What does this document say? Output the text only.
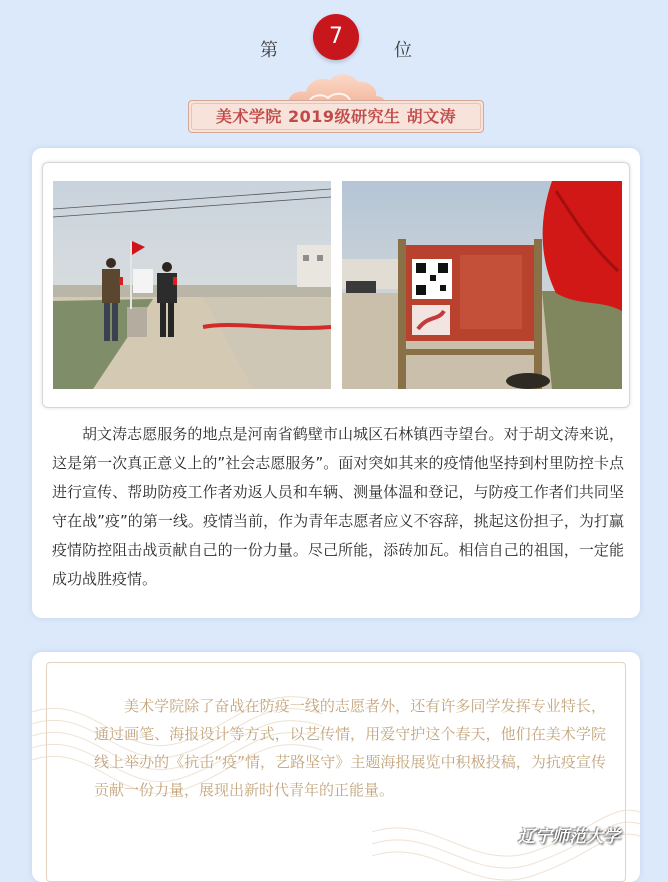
第
7
位
美术学院 2019级研究生 胡文涛
胡文涛志愿服务的地点是河南省鹤壁市山城区石林镇西寺望台。对于胡文涛来说，这是第一次真正意义上的”社会志愿服务”。面对突如其来的疫情他坚持到村里防控卡点进行宣传、帮助防疫工作者劝返人员和车辆、测量体温和登记，与防疫工作者们共同坚守在战”疫”的第一线。疫情当前，作为青年志愿者应义不容辞，挑起这份担子，为打赢疫情防控阻击战贡献自己的一份力量。尽己所能，添砖加瓦。相信自己的祖国，一定能成功战胜疫情。
美术学院除了奋战在防疫一线的志愿者外，还有许多同学发挥专业特长，通过画笔、海报设计等方式，以艺传情，用爱守护这个春天，他们在美术学院线上举办的《抗击“疫”情，艺路坚守》主题海报展览中积极投稿，为抗疫宣传贡献一份力量，展现出新时代青年的正能量。
辽宁师范大学
